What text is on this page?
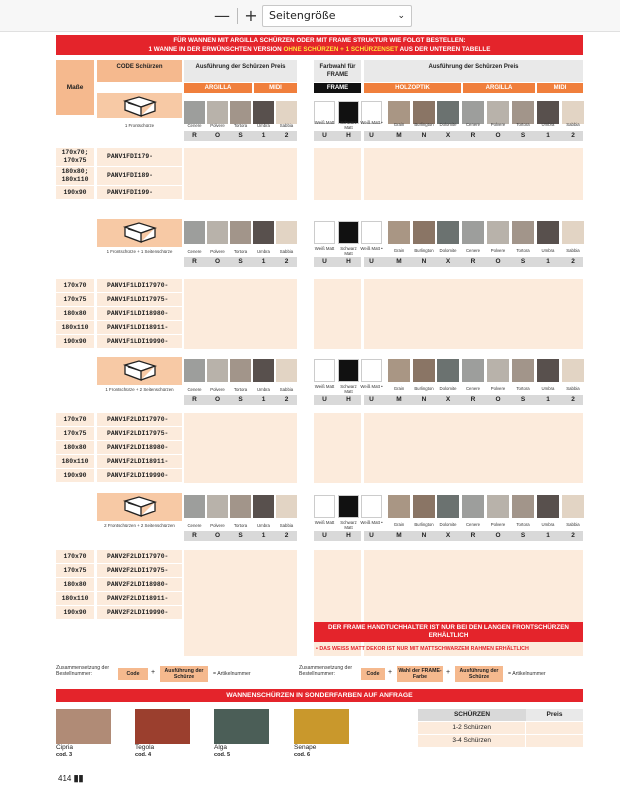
— +	Seitengröße	⌄
FÜR WANNEN MIT ARGILLA SCHÜRZEN ODER MIT FRAME STRUKTUR WIE FOLGT BESTELLEN:
1 WANNE IN DER ERWÜNSCHTEN VERSION OHNE SCHÜRZEN + 1 SCHÜRZENSET AUS DER UNTEREN TABELLE
Maße
CODE Schürzen	Ausführung der Schürzen Preis	Farbwahl für FRAME
Ausführung der Schürzen Preis
ARGILLA	MIDI	FRAME	HOLZOPTIK	ARGILLA	MIDI
1 Frontschürze	Cenere	Polvere	Tortora	Umbra	Sabbia
Weiß Matt	Schwarz Matt
Weiß Matt •	Grain	Burlington	Dolomite	Cenere	Polvere	Tortora	Umbra	Sabbia
R	O	S	1	2	U	H	U	M	N	X	R	O	S	1	2
170x70; 170x75
PANV1FDI179-
180x80; 180x110
PANV1FDI189-
190x90	PANV1FDI199-
1 Frontschürze + 1 Seitenschürze	Cenere	Polvere	Tortora	Umbra	Sabbia
Weiß Matt	Schwarz Matt
Weiß Matt •	Grain	Burlington	Dolomite	Cenere	Polvere	Tortora	Umbra	Sabbia
R	O	S	1	2	U	H	U	M	N	X	R	O	S	1	2
170x70	PANV1F1LDI17970-
170x75	PANV1F1LDI17975-
180x80	PANV1F1LDI18980-
180x110	PANV1F1LDI18911-
190x90	PANV1F1LDI19990-
1 Frontschürze + 2 Seitenschürzen	Cenere	Polvere	Tortora	Umbra	Sabbia
Weiß Matt	Schwarz Matt
Weiß Matt •	Grain	Burlington	Dolomite	Cenere	Polvere	Tortora	Umbra	Sabbia
R	O	S	1	2	U	H	U	M	N	X	R	O	S	1	2
170x70	PANV1F2LDI17970-
170x75	PANV1F2LDI17975-
180x80	PANV1F2LDI18980-
180x110	PANV1F2LDI18911-
190x90	PANV1F2LDI19990-
2 Frontschürzen + 2 Seitenschürzen	Cenere	Polvere	Tortora	Umbra	Sabbia
Weiß Matt	Schwarz Matt
Weiß Matt •	Grain	Burlington	Dolomite	Cenere	Polvere	Tortora	Umbra	Sabbia
R	O	S	1	2	U	H	U	M	N	X	R	O	S	1	2
170x70	PANV2F2LDI17970-
170x75	PANV2F2LDI17975-
180x80	PANV2F2LDI18980-
180x110	PANV2F2LDI18911-
190x90	PANV2F2LDI19990-
DER FRAME HANDTUCHHALTER IST NUR BEI DEN LANGEN FRONTSCHÜRZEN ERHÄLTLICH
• DAS WEISS MATT DEKOR IST NUR MIT MATTSCHWARZEM RAHMEN ERHÄLTLICH
Zusammensetzung der Bestellnummer:	Code	+	Ausführung der Schürze	= Artikelnummer
Zusammensetzung der Bestellnummer:	Code	+ Wahl der FRAME-Farbe
+	Ausführung der Schürze	= Artikelnummer
WANNENSCHÜRZEN IN SONDERFARBEN AUF ANFRAGE
Cipria
cod. 3
Tegola
cod. 4
Alga
cod. 5
Senape
cod. 6
SCHÜRZEN	Preis
1-2 Schürzen
3-4 Schürzen
414 ▮▮
